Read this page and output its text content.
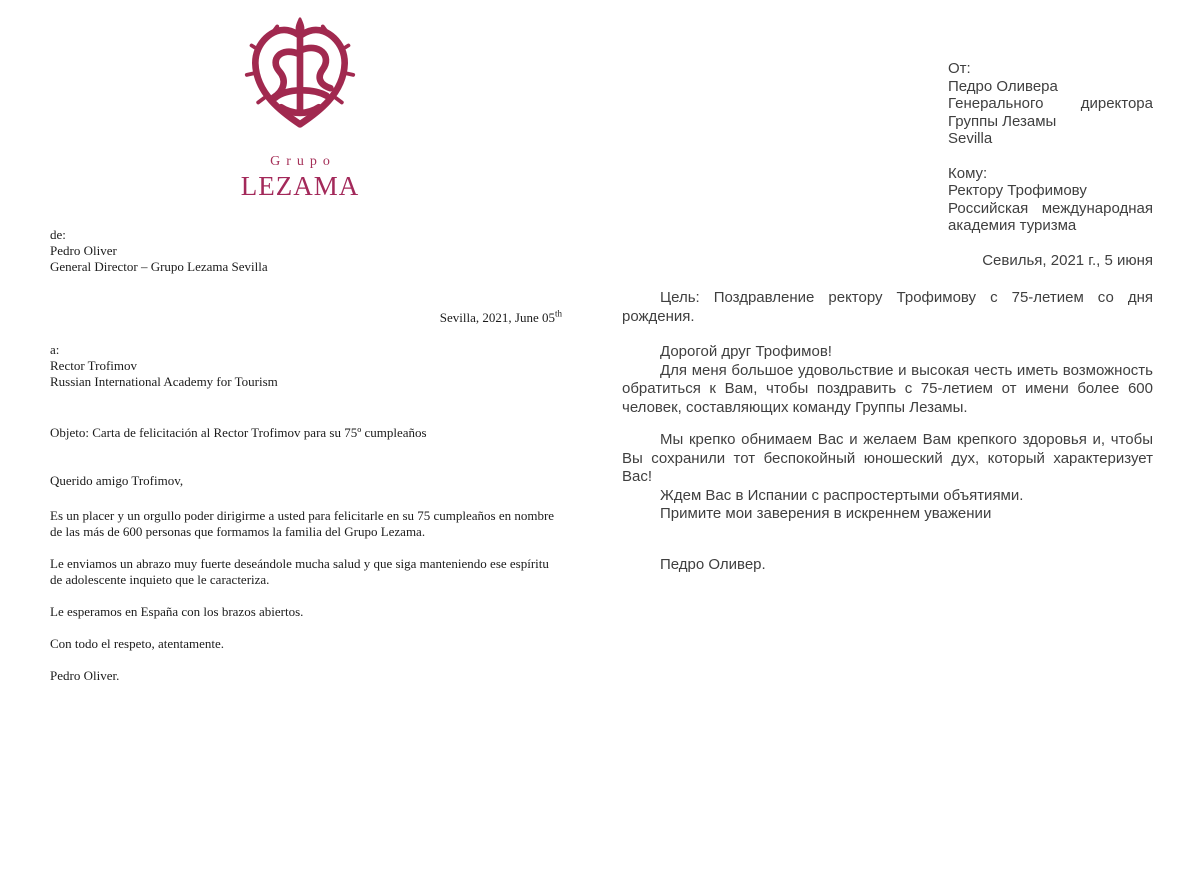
Grupo
LEZAMA
de:
Pedro Oliver
General Director – Grupo Lezama Sevilla
Sevilla, 2021, June 05th
a:
Rector Trofimov
Russian International Academy for Tourism
Objeto: Carta de felicitación al Rector Trofimov para su 75º cumpleaños
Querido amigo Trofimov,
Es un placer y un orgullo poder dirigirme a usted para felicitarle en su 75 cumpleaños en nombre de las más de 600 personas que formamos la familia del Grupo Lezama.
Le enviamos un abrazo muy fuerte deseándole mucha salud y que siga manteniendo ese espíritu de adolescente inquieto que le caracteriza.
Le esperamos en España con los brazos abiertos.
Con todo el respeto, atentamente.
Pedro Oliver.
От:
Педро Оливера
Генерального директора
Группы Лезамы
Sevilla
Кому:
Ректору Трофимову
Российская международная академия туризма
Севилья, 2021 г., 5 июня
Цель: Поздравление ректору Трофимову с 75-летием со дня рождения.
Дорогой друг Трофимов!
Для меня большое удовольствие и высокая честь иметь возможность обратиться к Вам, чтобы поздравить с 75-летием от имени более 600 человек, составляющих команду Группы Лезамы.
Мы крепко обнимаем Вас и желаем Вам крепкого здоровья и, чтобы Вы сохранили тот беспокойный юношеский дух, который характеризует Вас!
Ждем Вас в Испании с распростертыми объятиями.
Примите мои заверения в искреннем уважении
Педро Оливер.
